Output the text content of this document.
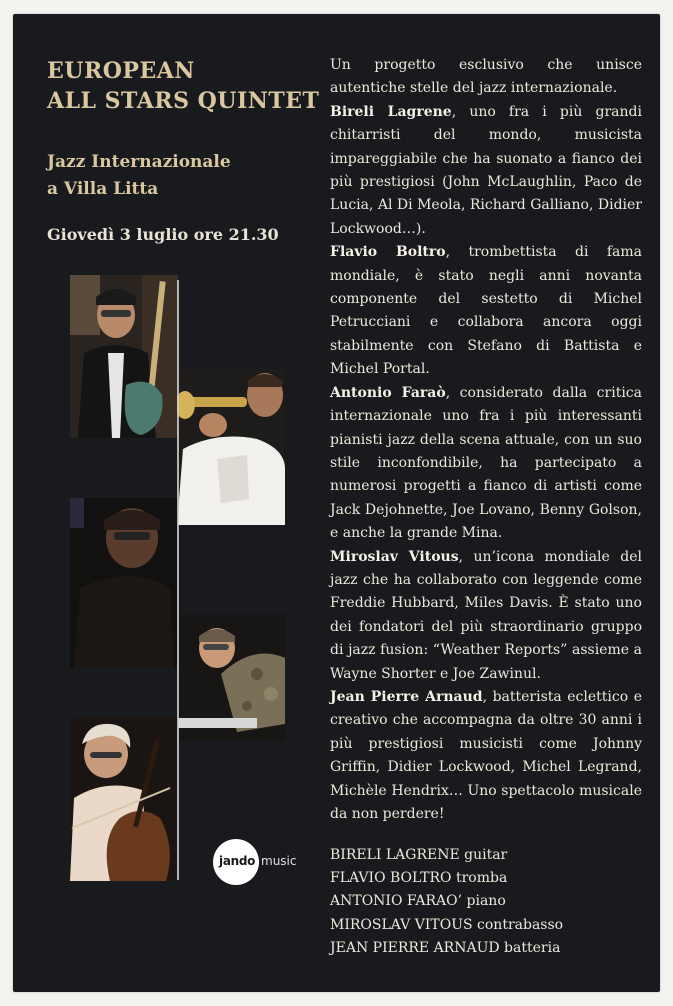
EUROPEAN
ALL STARS QUINTET
Jazz Internazionale
a Villa Litta
Giovedì 3 luglio ore 21.30
jando music

Un progetto esclusivo che unisce autentiche stelle del jazz internazionale.

Bireli Lagrene, uno fra i più grandi chitarristi del mondo, musicista impareggiabile che ha suonato a fianco dei più prestigiosi (John McLaughlin, Paco de Lucia, Al Di Meola, Richard Galliano, Didier Lockwood…).

Flavio Boltro, trombettista di fama mondiale, è stato negli anni novanta componente del sestetto di Michel Petrucciani e collabora ancora oggi stabilmente con Stefano di Battista e Michel Portal.

Antonio Faraò, considerato dalla critica internazionale uno fra i più interessanti pianisti jazz della scena attuale, con un suo stile inconfondibile, ha partecipato a numerosi progetti a fianco di artisti come Jack Dejohnette, Joe Lovano, Benny Golson, e anche la grande Mina.

Miroslav Vitous, un’icona mondiale del jazz che ha collaborato con leggende come Freddie Hubbard, Miles Davis. È stato uno dei fondatori del più straordinario gruppo di jazz fusion: “Weather Reports” assieme a Wayne Shorter e Joe Zawinul.

Jean Pierre Arnaud, batterista eclettico e creativo che accompagna da oltre 30 anni i più prestigiosi musicisti come Johnny Griffin, Didier Lockwood, Michel Legrand, Michèle Hendrix… Uno spettacolo musicale da non perdere!

BIRELI LAGRENE guitar
FLAVIO BOLTRO tromba
ANTONIO FARAO’ piano
MIROSLAV VITOUS contrabasso
JEAN PIERRE ARNAUD batteria
